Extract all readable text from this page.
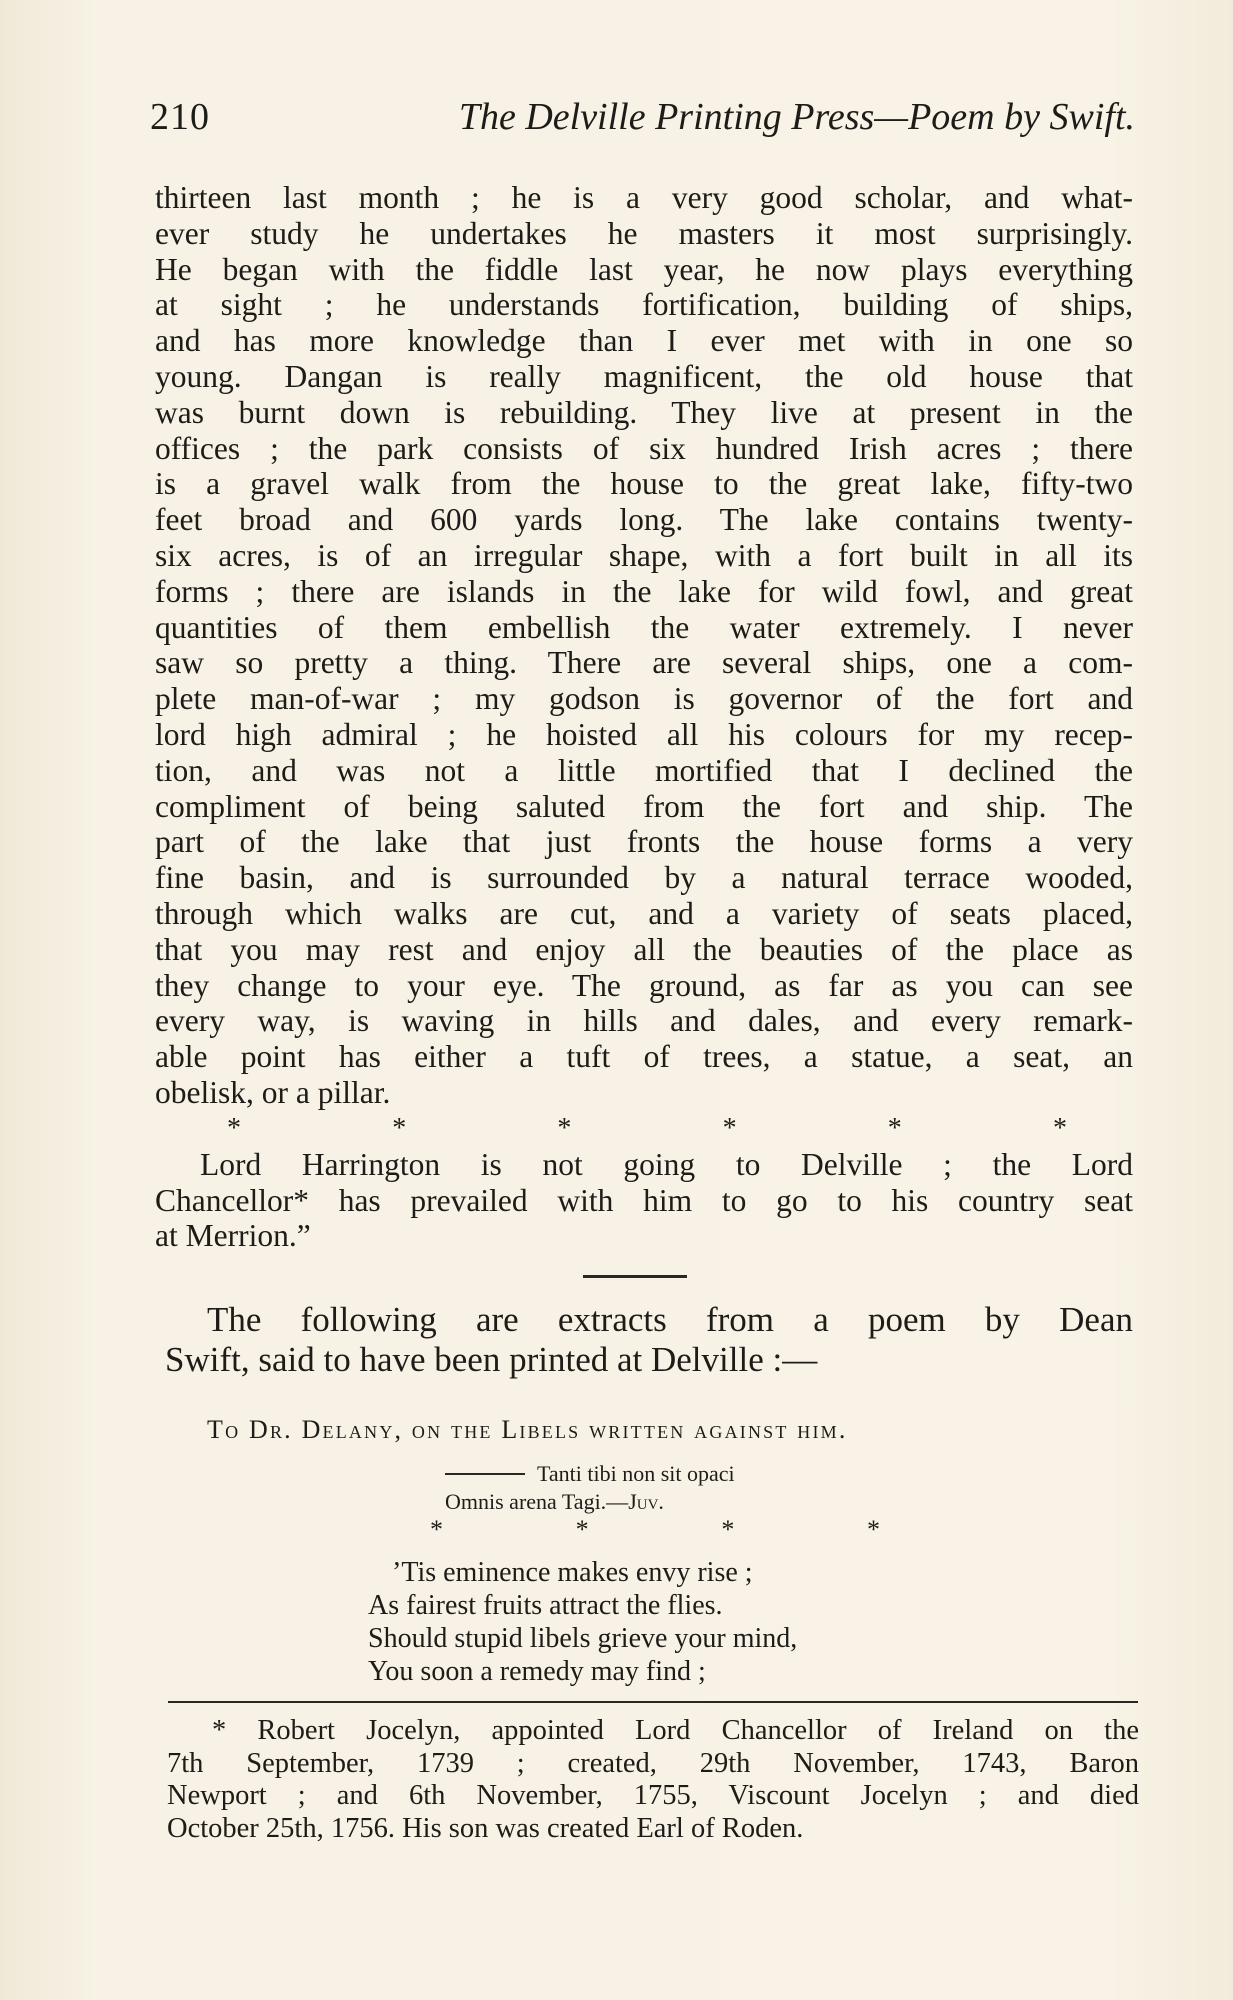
210	The Delville Printing Press—Poem by Swift.
thirteen last month ; he is a very good scholar, and what-
ever study he undertakes he masters it most surprisingly.
He began with the fiddle last year, he now plays everything
at sight ; he understands fortification, building of ships,
and has more knowledge than I ever met with in one so
young. Dangan is really magnificent, the old house that
was burnt down is rebuilding. They live at present in the
offices ; the park consists of six hundred Irish acres ; there
is a gravel walk from the house to the great lake, fifty-two
feet broad and 600 yards long. The lake contains twenty-
six acres, is of an irregular shape, with a fort built in all its
forms ; there are islands in the lake for wild fowl, and great
quantities of them embellish the water extremely. I never
saw so pretty a thing. There are several ships, one a com-
plete man-of-war ; my godson is governor of the fort and
lord high admiral ; he hoisted all his colours for my recep-
tion, and was not a little mortified that I declined the
compliment of being saluted from the fort and ship. The
part of the lake that just fronts the house forms a very
fine basin, and is surrounded by a natural terrace wooded,
through which walks are cut, and a variety of seats placed,
that you may rest and enjoy all the beauties of the place as
they change to your eye. The ground, as far as you can see
every way, is waving in hills and dales, and every remark-
able point has either a tuft of trees, a statue, a seat, an
obelisk, or a pillar.
*	*	*	*	*	*
Lord Harrington is not going to Delville ; the Lord
Chancellor* has prevailed with him to go to his country seat
at Merrion.”
The following are extracts from a poem by Dean
Swift, said to have been printed at Delville :—
To Dr. Delany, on the Libels written against him.
Tanti tibi non sit opaci
Omnis arena Tagi.—Juv.
*	*	*	*
’Tis eminence makes envy rise ;
As fairest fruits attract the flies.
Should stupid libels grieve your mind,
You soon a remedy may find ;
* Robert Jocelyn, appointed Lord Chancellor of Ireland on the
7th September, 1739 ; created, 29th November, 1743, Baron
Newport ; and 6th November, 1755, Viscount Jocelyn ; and died
October 25th, 1756. His son was created Earl of Roden.
